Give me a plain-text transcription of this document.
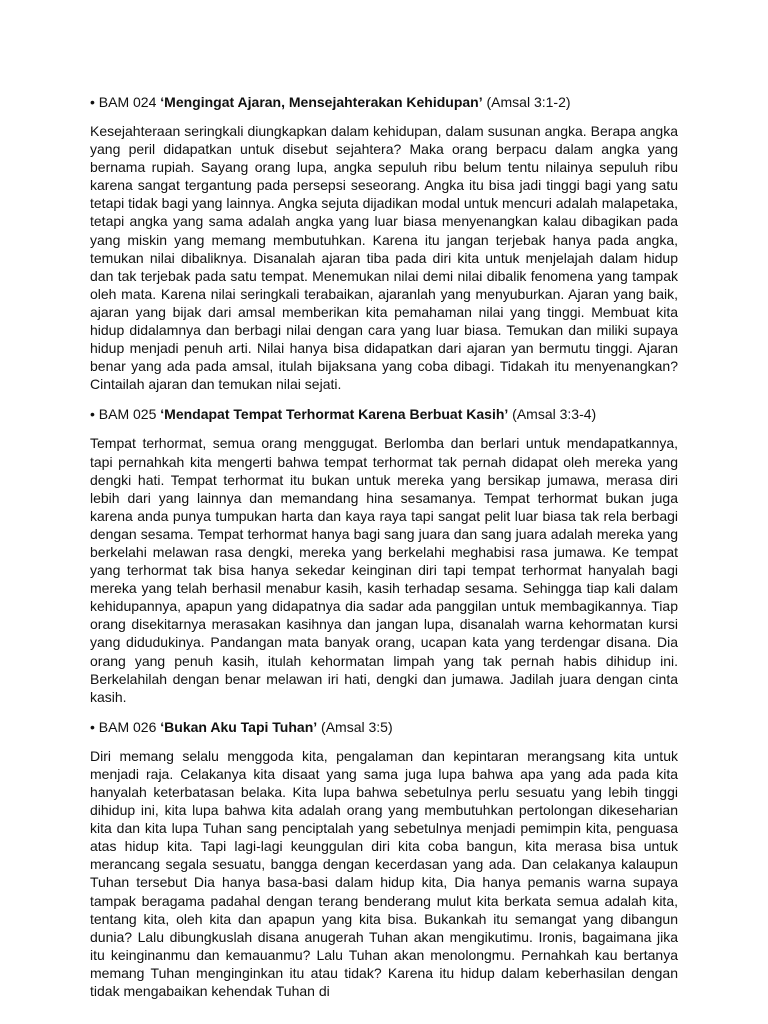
• BAM 024 ‘Mengingat Ajaran, Mensejahterakan Kehidupan’ (Amsal 3:1-2)
Kesejahteraan seringkali diungkapkan dalam kehidupan, dalam susunan angka. Berapa angka yang peril didapatkan untuk disebut sejahtera? Maka orang berpacu dalam angka yang bernama rupiah. Sayang orang lupa, angka sepuluh ribu belum tentu nilainya sepuluh ribu karena sangat tergantung pada persepsi seseorang. Angka itu bisa jadi tinggi bagi yang satu tetapi tidak bagi yang lainnya. Angka sejuta dijadikan modal untuk mencuri adalah malapetaka, tetapi angka yang sama adalah angka yang luar biasa menyenangkan kalau dibagikan pada yang miskin yang memang membutuhkan. Karena itu jangan terjebak hanya pada angka, temukan nilai dibaliknya. Disanalah ajaran tiba pada diri kita untuk menjelajah dalam hidup dan tak terjebak pada satu tempat. Menemukan nilai demi nilai dibalik fenomena yang tampak oleh mata. Karena nilai seringkali terabaikan, ajaranlah yang menyuburkan. Ajaran yang baik, ajaran yang bijak dari amsal memberikan kita pemahaman nilai yang tinggi. Membuat kita hidup didalamnya dan berbagi nilai dengan cara yang luar biasa. Temukan dan miliki supaya hidup menjadi penuh arti. Nilai hanya bisa didapatkan dari ajaran yan bermutu tinggi. Ajaran benar yang ada pada amsal, itulah bijaksana yang coba dibagi. Tidakah itu menyenangkan? Cintailah ajaran dan temukan nilai sejati.
• BAM 025 ‘Mendapat Tempat Terhormat Karena Berbuat Kasih’ (Amsal 3:3-4)
Tempat terhormat, semua orang menggugat. Berlomba dan berlari untuk mendapatkannya, tapi pernahkah kita mengerti bahwa tempat terhormat tak pernah didapat oleh mereka yang dengki hati. Tempat terhormat itu bukan untuk mereka yang bersikap jumawa, merasa diri lebih dari yang lainnya dan memandang hina sesamanya. Tempat terhormat bukan juga karena anda punya tumpukan harta dan kaya raya tapi sangat pelit luar biasa tak rela berbagi dengan sesama. Tempat terhormat hanya bagi sang juara dan sang juara adalah mereka yang berkelahi melawan rasa dengki, mereka yang berkelahi meghabisi rasa jumawa. Ke tempat yang terhormat tak bisa hanya sekedar keinginan diri tapi tempat terhormat hanyalah bagi mereka yang telah berhasil menabur kasih, kasih terhadap sesama. Sehingga tiap kali dalam kehidupannya, apapun yang didapatnya dia sadar ada panggilan untuk membagikannya. Tiap orang disekitarnya merasakan kasihnya dan jangan lupa, disanalah warna kehormatan kursi yang didudukinya. Pandangan mata banyak orang, ucapan kata yang terdengar disana. Dia orang yang penuh kasih, itulah kehormatan limpah yang tak pernah habis dihidup ini. Berkelahilah dengan benar melawan iri hati, dengki dan jumawa. Jadilah juara dengan cinta kasih.
• BAM 026 ‘Bukan Aku Tapi Tuhan’ (Amsal 3:5)
Diri memang selalu menggoda kita, pengalaman dan kepintaran merangsang kita untuk menjadi raja. Celakanya kita disaat yang sama juga lupa bahwa apa yang ada pada kita hanyalah keterbatasan belaka. Kita lupa bahwa sebetulnya perlu sesuatu yang lebih tinggi dihidup ini, kita lupa bahwa kita adalah orang yang membutuhkan pertolongan dikeseharian kita dan kita lupa Tuhan sang penciptalah yang sebetulnya menjadi pemimpin kita, penguasa atas hidup kita. Tapi lagi-lagi keunggulan diri kita coba bangun, kita merasa bisa untuk merancang segala sesuatu, bangga dengan kecerdasan yang ada. Dan celakanya kalaupun Tuhan tersebut Dia hanya basa-basi dalam hidup kita, Dia hanya pemanis warna supaya tampak beragama padahal dengan terang benderang mulut kita berkata semua adalah kita, tentang kita, oleh kita dan apapun yang kita bisa. Bukankah itu semangat yang dibangun dunia? Lalu dibungkuslah disana anugerah Tuhan akan mengikutimu. Ironis, bagaimana jika itu keinginanmu dan kemauanmu? Lalu Tuhan akan menolongmu. Pernahkah kau bertanya memang Tuhan menginginkan itu atau tidak? Karena itu hidup dalam keberhasilan dengan tidak mengabaikan kehendak Tuhan di
